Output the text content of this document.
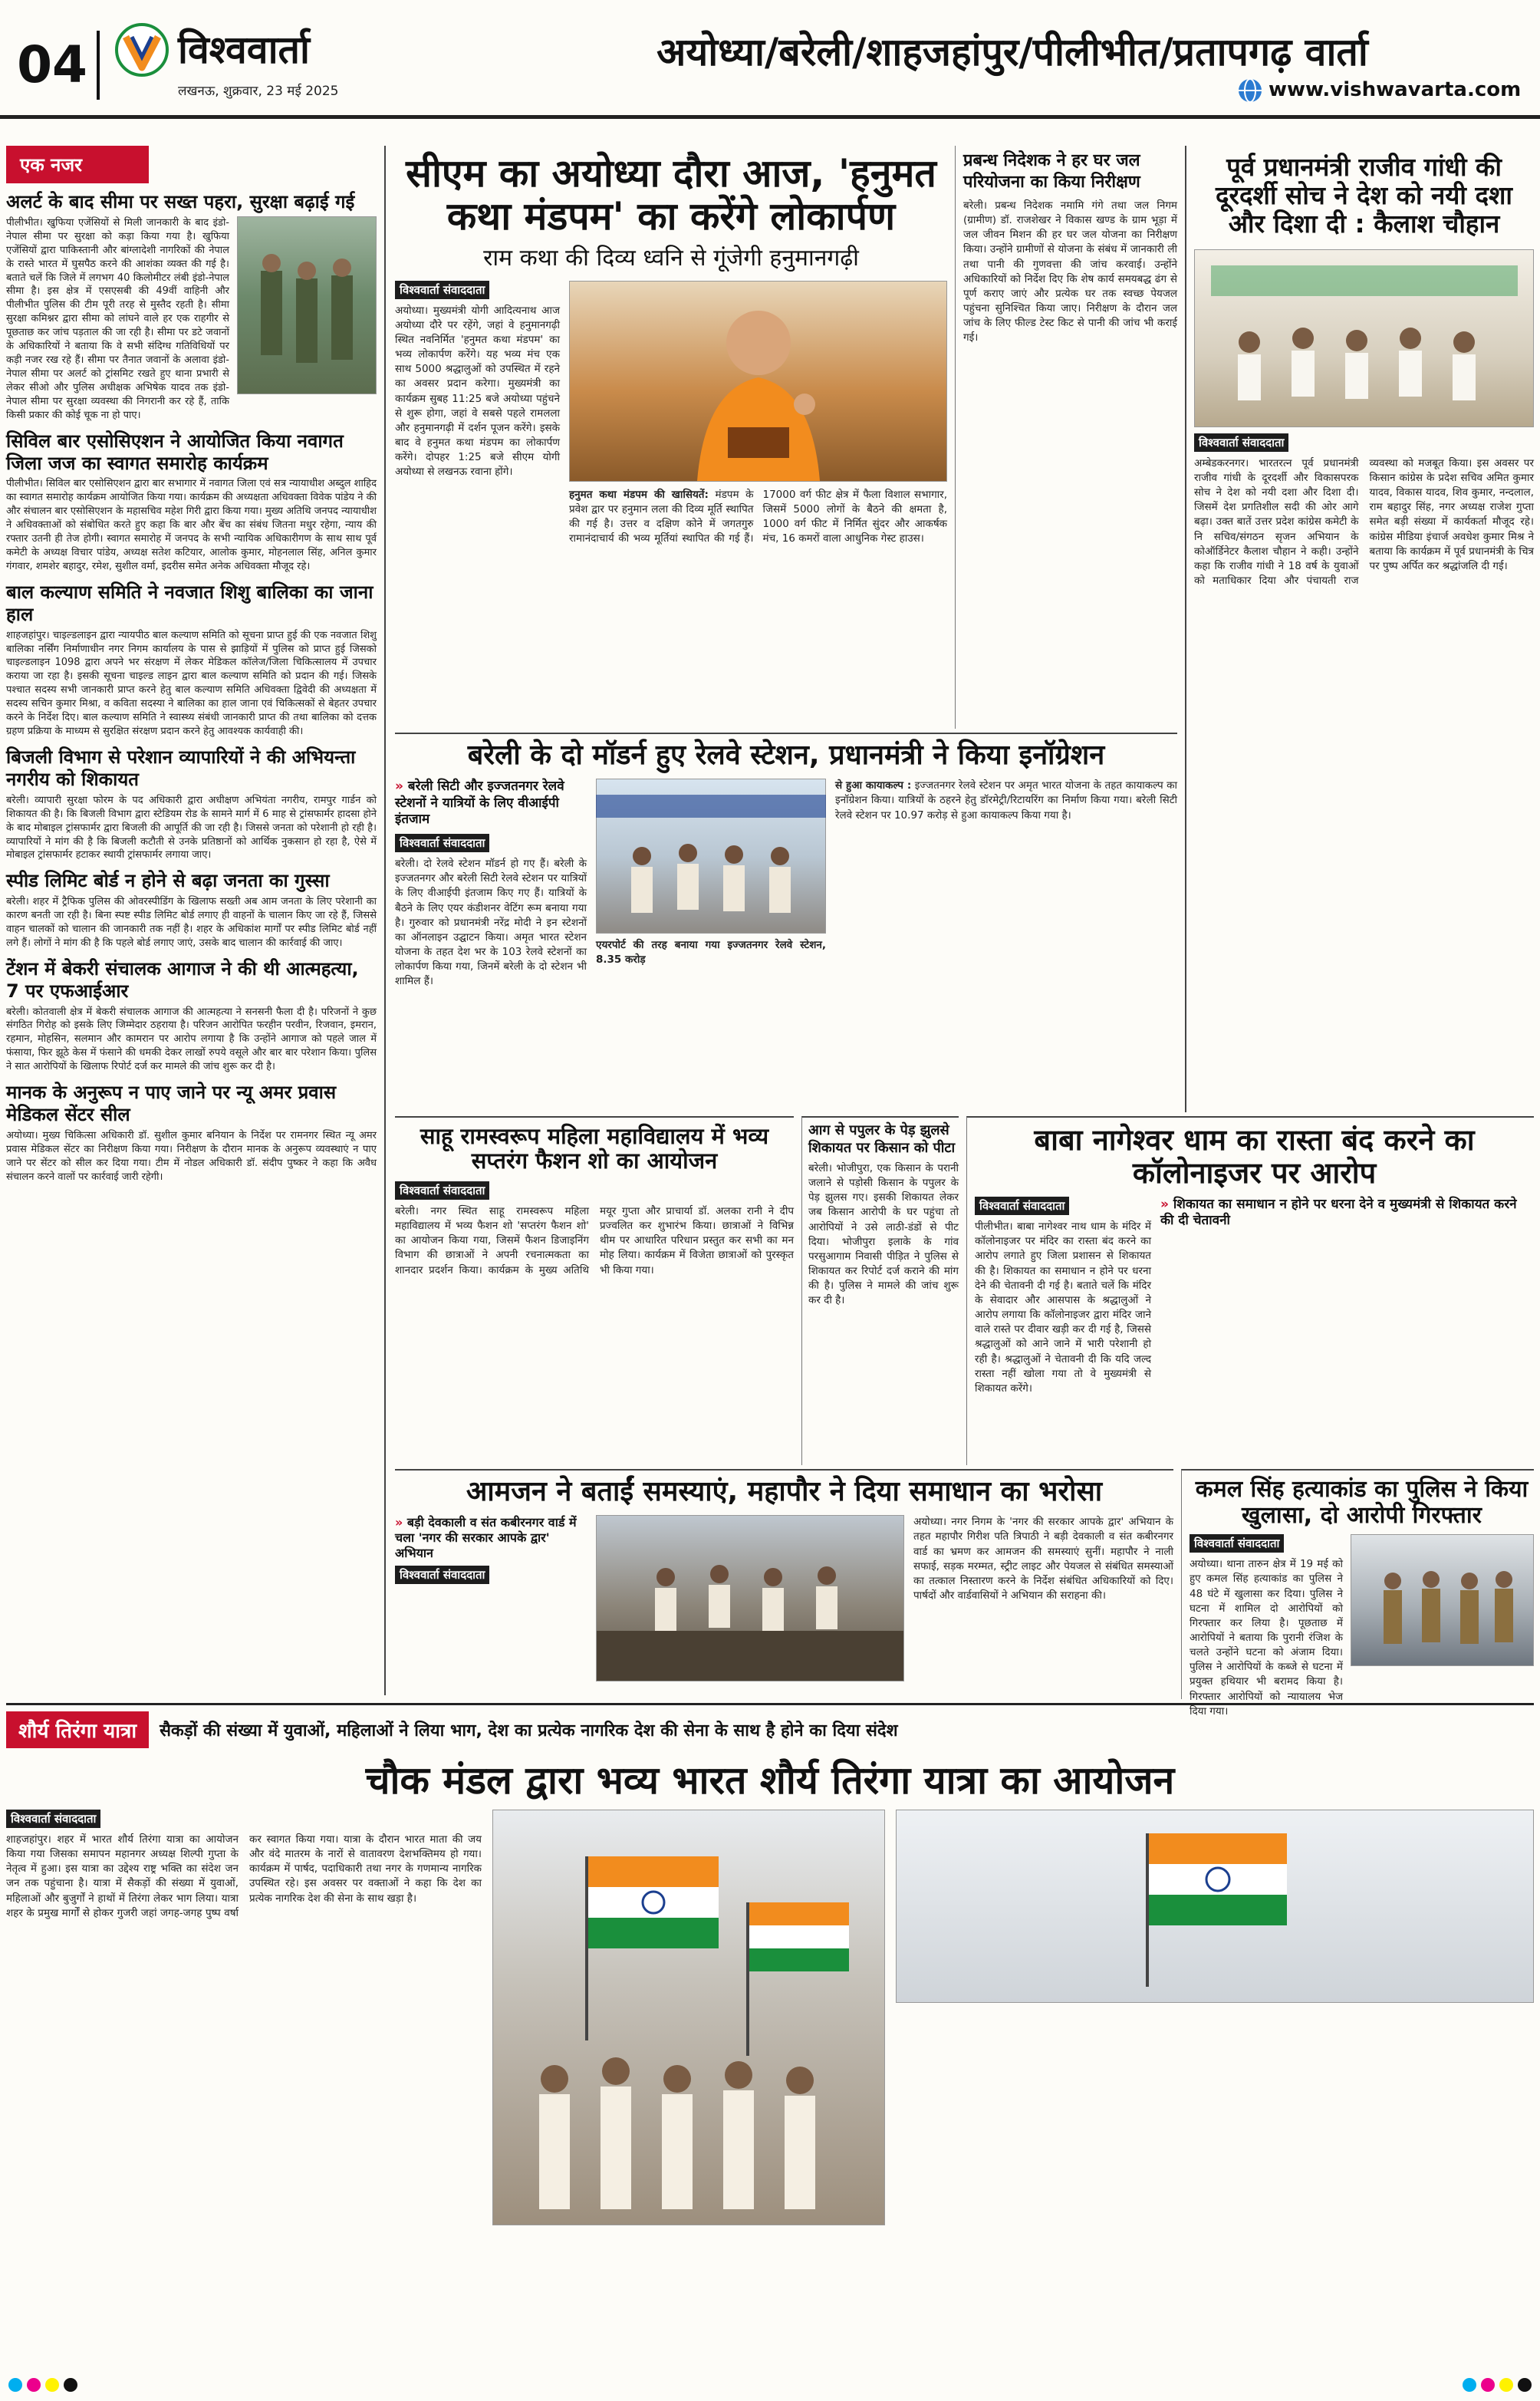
04	विश्ववार्ता
लखनऊ, शुक्रवार, 23 मई 2025
अयोध्या/बरेली/शाहजहांपुर/पीलीभीत/प्रतापगढ़ वार्ता
www.vishwavarta.com
एक नजर
अलर्ट के बाद सीमा पर सख्त पहरा, सुरक्षा बढ़ाई गई
पीलीभीत। खुफिया एजेंसियों से मिली जानकारी के बाद इंडो-नेपाल सीमा पर सुरक्षा को कड़ा किया गया है। खुफिया एजेंसियों द्वारा पाकिस्तानी और बांग्लादेशी नागरिकों की नेपाल के रास्ते भारत में घुसपैठ करने की आशंका व्यक्त की गई है। बताते चलें कि जिले में लगभग 40 किलोमीटर लंबी इंडो-नेपाल सीमा है। इस क्षेत्र में एसएसबी की 49वीं वाहिनी और पीलीभीत पुलिस की टीम पूरी तरह से मुस्तैद रहती है। सीमा सुरक्षा कमिश्नर द्वारा सीमा को लांघने वाले हर एक राहगीर से पूछताछ कर जांच पड़ताल की जा रही है। सीमा पर डटे जवानों के अधिकारियों ने बताया कि वे सभी संदिग्ध गतिविधियों पर कड़ी नजर रख रहे हैं। सीमा पर तैनात जवानों के अलावा इंडो-नेपाल सीमा पर अलर्ट को ट्रांसमिट रखते हुए थाना प्रभारी से लेकर सीओ और पुलिस अधीक्षक अभिषेक यादव तक इंडो-नेपाल सीमा पर सुरक्षा व्यवस्था की निगरानी कर रहे हैं, ताकि किसी प्रकार की कोई चूक ना हो पाए।
सिविल बार एसोसिएशन ने आयोजित किया नवागत जिला जज का स्वागत समारोह कार्यक्रम
पीलीभीत। सिविल बार एसोसिएशन द्वारा बार सभागार में नवागत जिला एवं सत्र न्यायाधीश अब्दुल शाहिद का स्वागत समारोह कार्यक्रम आयोजित किया गया। कार्यक्रम की अध्यक्षता अधिवक्ता विवेक पांडेय ने की और संचालन बार एसोसिएशन के महासचिव महेश गिरी द्वारा किया गया। मुख्य अतिथि जनपद न्यायाधीश ने अधिवक्ताओं को संबोधित करते हुए कहा कि बार और बेंच का संबंध जितना मधुर रहेगा, न्याय की रफ्तार उतनी ही तेज होगी। स्वागत समारोह में जनपद के सभी न्यायिक अधिकारीगण के साथ साथ पूर्व कमेटी के अध्यक्ष विचार पांडेय, अध्यक्ष सतेश कटियार, आलोक कुमार, मोहनलाल सिंह, अनिल कुमार गंगवार, शमशेर बहादुर, रमेश, सुशील वर्मा, इदरीस समेत अनेक अधिवक्ता मौजूद रहे।
बाल कल्याण समिति ने नवजात शिशु बालिका का जाना हाल
शाहजहांपुर। चाइल्डलाइन द्वारा न्यायपीठ बाल कल्याण समिति को सूचना प्राप्त हुई की एक नवजात शिशु बालिका नर्सिंग निर्माणाधीन नगर निगम कार्यालय के पास से झाड़ियों में पुलिस को प्राप्त हुई जिसको चाइल्डलाइन 1098 द्वारा अपने भर संरक्षण में लेकर मेडिकल कॉलेज/जिला चिकित्सालय में उपचार कराया जा रहा है। इसकी सूचना चाइल्ड लाइन द्वारा बाल कल्याण समिति को प्रदान की गई। जिसके पश्चात सदस्य सभी जानकारी प्राप्त करने हेतु बाल कल्याण समिति अधिवक्ता द्विवेदी की अध्यक्षता में सदस्य सचिन कुमार मिश्रा, व कविता सदस्या ने बालिका का हाल जाना एवं चिकित्सकों से बेहतर उपचार करने के निर्देश दिए। बाल कल्याण समिति ने स्वास्थ्य संबंधी जानकारी प्राप्त की तथा बालिका को दत्तक ग्रहण प्रक्रिया के माध्यम से सुरक्षित संरक्षण प्रदान करने हेतु आवश्यक कार्यवाही की।
बिजली विभाग से परेशान व्यापारियों ने की अभियन्ता नगरीय को शिकायत
बरेली। व्यापारी सुरक्षा फोरम के पद अधिकारी द्वारा अधीक्षण अभियंता नगरीय, रामपुर गार्डन को शिकायत की है। कि बिजली विभाग द्वारा स्टेडियम रोड के सामने मार्ग में 6 माह से ट्रांसफार्मर हादसा होने के बाद मोबाइल ट्रांसफार्मर द्वारा बिजली की आपूर्ति की जा रही है। जिससे जनता को परेशानी हो रही है। व्यापारियों ने मांग की है कि बिजली कटौती से उनके प्रतिष्ठानों को आर्थिक नुकसान हो रहा है, ऐसे में मोबाइल ट्रांसफार्मर हटाकर स्थायी ट्रांसफार्मर लगाया जाए।
स्पीड लिमिट बोर्ड न होने से बढ़ा जनता का गुस्सा
बरेली। शहर में ट्रैफिक पुलिस की ओवरस्पीडिंग के खिलाफ सख्ती अब आम जनता के लिए परेशानी का कारण बनती जा रही है। बिना स्पष्ट स्पीड लिमिट बोर्ड लगाए ही वाहनों के चालान किए जा रहे हैं, जिससे वाहन चालकों को चालान की जानकारी तक नहीं है। शहर के अधिकांश मार्गों पर स्पीड लिमिट बोर्ड नहीं लगे हैं। लोगों ने मांग की है कि पहले बोर्ड लगाए जाएं, उसके बाद चालान की कार्रवाई की जाए।
टेंशन में बेकरी संचालक आगाज ने की थी आत्महत्या, 7 पर एफआईआर
बरेली। कोतवाली क्षेत्र में बेकरी संचालक आगाज की आत्महत्या ने सनसनी फैला दी है। परिजनों ने कुछ संगठित गिरोह को इसके लिए जिम्मेदार ठहराया है। परिजन आरोपित फरहीन परवीन, रिजवान, इमरान, रहमान, मोहसिन, सलमान और कामरान पर आरोप लगाया है कि उन्होंने आगाज को पहले जाल में फंसाया, फिर झूठे केस में फंसाने की धमकी देकर लाखों रुपये वसूले और बार बार परेशान किया। पुलिस ने सात आरोपियों के खिलाफ रिपोर्ट दर्ज कर मामले की जांच शुरू कर दी है।
मानक के अनुरूप न पाए जाने पर न्यू अमर प्रवास मेडिकल सेंटर सील
अयोध्या। मुख्य चिकित्सा अधिकारी डॉ. सुशील कुमार बनियान के निर्देश पर रामनगर स्थित न्यू अमर प्रवास मेडिकल सेंटर का निरीक्षण किया गया। निरीक्षण के दौरान मानक के अनुरूप व्यवस्थाएं न पाए जाने पर सेंटर को सील कर दिया गया। टीम में नोडल अधिकारी डॉ. संदीप पुष्कर ने कहा कि अवैध संचालन करने वालों पर कार्रवाई जारी रहेगी।
सीएम का अयोध्या दौरा आज, 'हनुमत कथा मंडपम' का करेंगे लोकार्पण
राम कथा की दिव्य ध्वनि से गूंजेगी हनुमानगढ़ी
विश्ववार्ता संवाददाता
अयोध्या। मुख्यमंत्री योगी आदित्यनाथ आज अयोध्या दौरे पर रहेंगे, जहां वे हनुमानगढ़ी स्थित नवनिर्मित 'हनुमत कथा मंडपम' का भव्य लोकार्पण करेंगे। यह भव्य मंच एक साथ 5000 श्रद्धालुओं को उपस्थित में रहने का अवसर प्रदान करेगा। मुख्यमंत्री का कार्यक्रम सुबह 11:25 बजे अयोध्या पहुंचने से शुरू होगा, जहां वे सबसे पहले रामलला और हनुमानगढ़ी में दर्शन पूजन करेंगे। इसके बाद वे हनुमत कथा मंडपम का लोकार्पण करेंगे। दोपहर 1:25 बजे सीएम योगी अयोध्या से लखनऊ रवाना होंगे।
हनुमत कथा मंडपम की खासियतें: मंडपम के प्रवेश द्वार पर हनुमान लला की दिव्य मूर्ति स्थापित की गई है। उत्तर व दक्षिण कोने में जगतगुरु रामानंदाचार्य की भव्य मूर्तियां स्थापित की गई हैं। 17000 वर्ग फीट क्षेत्र में फैला विशाल सभागार, जिसमें 5000 लोगों के बैठने की क्षमता है, 1000 वर्ग फीट में निर्मित सुंदर और आकर्षक मंच, 16 कमरों वाला आधुनिक गेस्ट हाउस।
प्रबन्ध निदेशक ने हर घर जल परियोजना का किया निरीक्षण
बरेली। प्रबन्ध निदेशक नमामि गंगे तथा जल निगम (ग्रामीण) डॉ. राजशेखर ने विकास खण्ड के ग्राम भूड़ा में जल जीवन मिशन की हर घर जल योजना का निरीक्षण किया। उन्होंने ग्रामीणों से योजना के संबंध में जानकारी ली तथा पानी की गुणवत्ता की जांच करवाई। उन्होंने अधिकारियों को निर्देश दिए कि शेष कार्य समयबद्ध ढंग से पूर्ण कराए जाएं और प्रत्येक घर तक स्वच्छ पेयजल पहुंचना सुनिश्चित किया जाए। निरीक्षण के दौरान जल जांच के लिए फील्ड टेस्ट किट से पानी की जांच भी कराई गई।
पूर्व प्रधानमंत्री राजीव गांधी की दूरदर्शी सोच ने देश को नयी दशा और दिशा दी : कैलाश चौहान
विश्ववार्ता संवाददाता
अम्बेडकरनगर। भारतरत्न पूर्व प्रधानमंत्री राजीव गांधी के दूरदर्शी और विकासपरक सोच ने देश को नयी दशा और दिशा दी। जिसमें देश प्रगतिशील सदी की ओर आगे बढ़ा। उक्त बातें उत्तर प्रदेश कांग्रेस कमेटी के नि सचिव/संगठन सृजन अभियान के कोऑर्डिनेटर कैलाश चौहान ने कही। उन्होंने कहा कि राजीव गांधी ने 18 वर्ष के युवाओं को मताधिकार दिया और पंचायती राज व्यवस्था को मजबूत किया। इस अवसर पर किसान कांग्रेस के प्रदेश सचिव अमित कुमार यादव, विकास यादव, शिव कुमार, नन्दलाल, राम बहादुर सिंह, नगर अध्यक्ष राजेश गुप्ता समेत बड़ी संख्या में कार्यकर्ता मौजूद रहे। कांग्रेस मीडिया इंचार्ज अवधेश कुमार मिश्र ने बताया कि कार्यक्रम में पूर्व प्रधानमंत्री के चित्र पर पुष्प अर्पित कर श्रद्धांजलि दी गई।
बरेली के दो मॉडर्न हुए रेलवे स्टेशन, प्रधानमंत्री ने किया इनॉग्रेशन
» बरेली सिटी और इज्जतनगर रेलवे स्टेशनों ने यात्रियों के लिए वीआईपी इंतजाम
विश्ववार्ता संवाददाता
बरेली। दो रेलवे स्टेशन मॉडर्न हो गए हैं। बरेली के इज्जतनगर और बरेली सिटी रेलवे स्टेशन पर यात्रियों के लिए वीआईपी इंतजाम किए गए हैं। यात्रियों के बैठने के लिए एयर कंडीशनर वेटिंग रूम बनाया गया है। गुरुवार को प्रधानमंत्री नरेंद्र मोदी ने इन स्टेशनों का ऑनलाइन उद्घाटन किया। अमृत भारत स्टेशन योजना के तहत देश भर के 103 रेलवे स्टेशनों का लोकार्पण किया गया, जिनमें बरेली के दो स्टेशन भी शामिल हैं।
एयरपोर्ट की तरह बनाया गया इज्जतनगर रेलवे स्टेशन, 8.35 करोड़
से हुआ कायाकल्प : इज्जतनगर रेलवे स्टेशन पर अमृत भारत योजना के तहत कायाकल्प का इनॉग्रेशन किया। यात्रियों के ठहरने हेतु डॉरमेट्री/रिटायरिंग का निर्माण किया गया। बरेली सिटी रेलवे स्टेशन पर 10.97 करोड़ से हुआ कायाकल्प किया गया है।
साहू रामस्वरूप महिला महाविद्यालय में भव्य सप्तरंग फैशन शो का आयोजन
विश्ववार्ता संवाददाता
बरेली। नगर स्थित साहू रामस्वरूप महिला महाविद्यालय में भव्य फैशन शो 'सप्तरंग फैशन शो' का आयोजन किया गया, जिसमें फैशन डिजाइनिंग विभाग की छात्राओं ने अपनी रचनात्मकता का शानदार प्रदर्शन किया। कार्यक्रम के मुख्य अतिथि मयूर गुप्ता और प्राचार्या डॉ. अलका रानी ने दीप प्रज्वलित कर शुभारंभ किया। छात्राओं ने विभिन्न थीम पर आधारित परिधान प्रस्तुत कर सभी का मन मोह लिया। कार्यक्रम में विजेता छात्राओं को पुरस्कृत भी किया गया।
आग से पपुलर के पेड़ झुलसे शिकायत पर किसान को पीटा
बरेली। भोजीपुरा, एक किसान के परानी जलाने से पड़ोसी किसान के पपुलर के पेड़ झुलस गए। इसकी शिकायत लेकर जब किसान आरोपी के घर पहुंचा तो आरोपियों ने उसे लाठी-डंडों से पीट दिया। भोजीपुरा इलाके के गांव परसुआगाम निवासी पीड़ित ने पुलिस से शिकायत कर रिपोर्ट दर्ज कराने की मांग की है। पुलिस ने मामले की जांच शुरू कर दी है।
बाबा नागेश्वर धाम का रास्ता बंद करने का कॉलोनाइजर पर आरोप
विश्ववार्ता संवाददाता
पीलीभीत। बाबा नागेश्वर नाथ धाम के मंदिर में कॉलोनाइजर पर मंदिर का रास्ता बंद करने का आरोप लगाते हुए जिला प्रशासन से शिकायत की है। शिकायत का समाधान न होने पर धरना देने की चेतावनी दी गई है। बताते चलें कि मंदिर के सेवादार और आसपास के श्रद्धालुओं ने आरोप लगाया कि कॉलोनाइजर द्वारा मंदिर जाने वाले रास्ते पर दीवार खड़ी कर दी गई है, जिससे श्रद्धालुओं को आने जाने में भारी परेशानी हो रही है। श्रद्धालुओं ने चेतावनी दी कि यदि जल्द रास्ता नहीं खोला गया तो वे मुख्यमंत्री से शिकायत करेंगे।
» शिकायत का समाधान न होने पर धरना देने व मुख्यमंत्री से शिकायत करने की दी चेतावनी
आमजन ने बताईं समस्याएं, महापौर ने दिया समाधान का भरोसा
» बड़ी देवकाली व संत कबीरनगर वार्ड में चला 'नगर की सरकार आपके द्वार' अभियान
विश्ववार्ता संवाददाता
अयोध्या। नगर निगम के 'नगर की सरकार आपके द्वार' अभियान के तहत महापौर गिरीश पति त्रिपाठी ने बड़ी देवकाली व संत कबीरनगर वार्ड का भ्रमण कर आमजन की समस्याएं सुनीं। महापौर ने नाली सफाई, सड़क मरम्मत, स्ट्रीट लाइट और पेयजल से संबंधित समस्याओं का तत्काल निस्तारण करने के निर्देश संबंधित अधिकारियों को दिए। पार्षदों और वार्डवासियों ने अभियान की सराहना की।
कमल सिंह हत्याकांड का पुलिस ने किया खुलासा, दो आरोपी गिरफ्तार
विश्ववार्ता संवाददाता
अयोध्या। थाना तारुन क्षेत्र में 19 मई को हुए कमल सिंह हत्याकांड का पुलिस ने 48 घंटे में खुलासा कर दिया। पुलिस ने घटना में शामिल दो आरोपियों को गिरफ्तार कर लिया है। पूछताछ में आरोपियों ने बताया कि पुरानी रंजिश के चलते उन्होंने घटना को अंजाम दिया। पुलिस ने आरोपियों के कब्जे से घटना में प्रयुक्त हथियार भी बरामद किया है। गिरफ्तार आरोपियों को न्यायालय भेज दिया गया।
शौर्य तिरंगा यात्रा	सैकड़ों की संख्या में युवाओं, महिलाओं ने लिया भाग, देश का प्रत्येक नागरिक देश की सेना के साथ है होने का दिया संदेश
चौक मंडल द्वारा भव्य भारत शौर्य तिरंगा यात्रा का आयोजन
विश्ववार्ता संवाददाता
शाहजहांपुर। शहर में भारत शौर्य तिरंगा यात्रा का आयोजन किया गया जिसका समापन महानगर अध्यक्ष शिल्पी गुप्ता के नेतृत्व में हुआ। इस यात्रा का उद्देश्य राष्ट्र भक्ति का संदेश जन जन तक पहुंचाना है। यात्रा में सैकड़ों की संख्या में युवाओं, महिलाओं और बुजुर्गों ने हाथों में तिरंगा लेकर भाग लिया। यात्रा शहर के प्रमुख मार्गों से होकर गुजरी जहां जगह-जगह पुष्प वर्षा कर स्वागत किया गया। यात्रा के दौरान भारत माता की जय और वंदे मातरम के नारों से वातावरण देशभक्तिमय हो गया। कार्यक्रम में पार्षद, पदाधिकारी तथा नगर के गणमान्य नागरिक उपस्थित रहे। इस अवसर पर वक्ताओं ने कहा कि देश का प्रत्येक नागरिक देश की सेना के साथ खड़ा है।
